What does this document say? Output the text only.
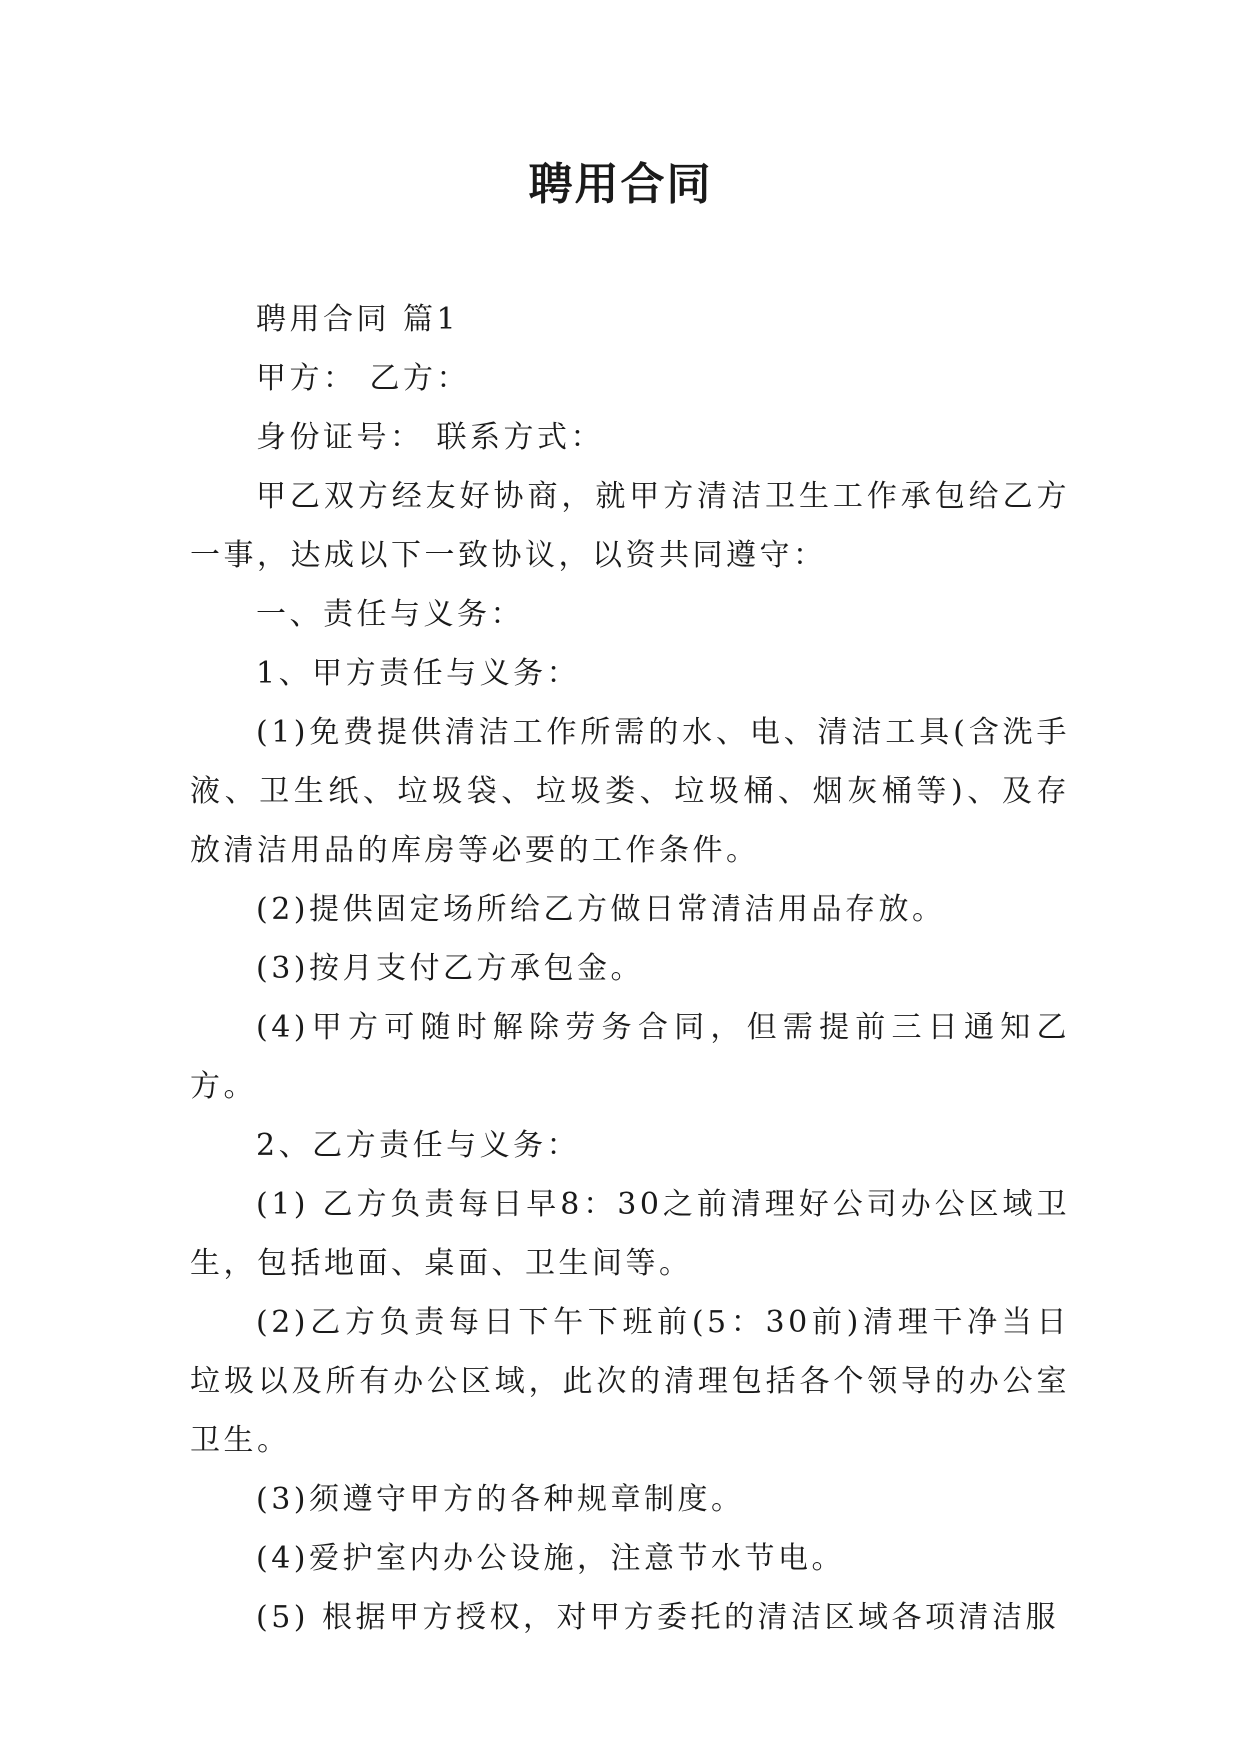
聘用合同

聘用合同 篇1

甲方： 乙方：

身份证号： 联系方式：

甲乙双方经友好协商，就甲方清洁卫生工作承包给乙方一事，达成以下一致协议，以资共同遵守：

一、责任与义务：

1、甲方责任与义务：

(1)免费提供清洁工作所需的水、电、清洁工具(含洗手液、卫生纸、垃圾袋、垃圾娄、垃圾桶、烟灰桶等)、及存放清洁用品的库房等必要的工作条件。

(2)提供固定场所给乙方做日常清洁用品存放。

(3)按月支付乙方承包金。

(4)甲方可随时解除劳务合同，但需提前三日通知乙方。

2、乙方责任与义务：

(1) 乙方负责每日早8：30之前清理好公司办公区域卫生，包括地面、桌面、卫生间等。

(2)乙方负责每日下午下班前(5：30前)清理干净当日垃圾以及所有办公区域，此次的清理包括各个领导的办公室卫生。

(3)须遵守甲方的各种规章制度。

(4)爱护室内办公设施，注意节水节电。

(5) 根据甲方授权，对甲方委托的清洁区域各项清洁服
